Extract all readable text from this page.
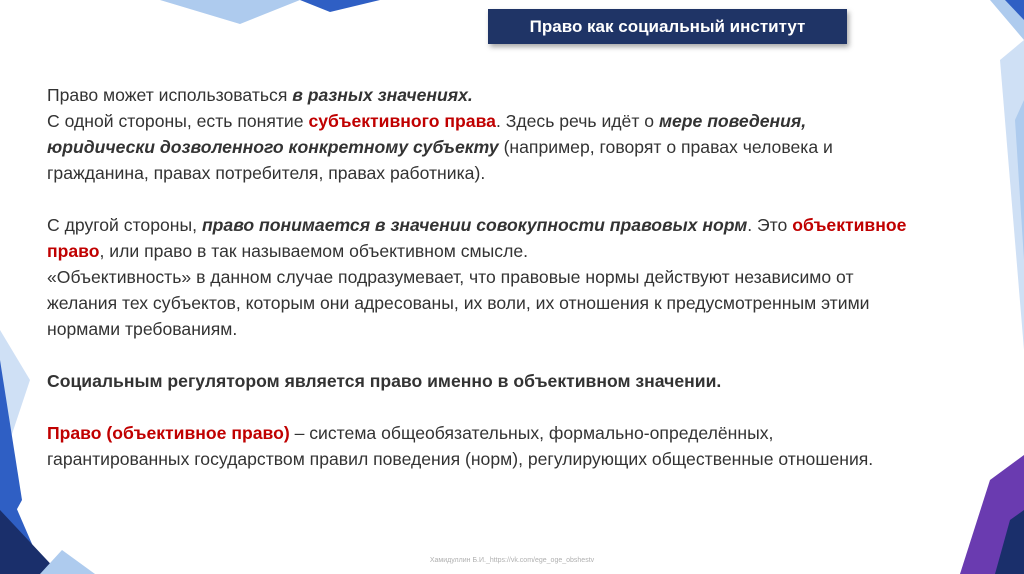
Право как социальный институт

Право может использоваться в разных значениях.
С одной стороны, есть понятие субъективного права. Здесь речь идёт о мере поведения,
юридически дозволенного конкретному субъекту (например, говорят о правах человека и
гражданина, правах потребителя, правах работника).

С другой стороны, право понимается в значении совокупности правовых норм. Это объективное
право, или право в так называемом объективном смысле.
«Объективность» в данном случае подразумевает, что правовые нормы действуют независимо от
желания тех субъектов, которым они адресованы, их воли, их отношения к предусмотренным этими
нормами требованиям.

Социальным регулятором является право именно в объективном значении.

Право (объективное право) – система общеобязательных, формально-определённых,
гарантированных государством правил поведения (норм), регулирующих общественные отношения.

Хамидуллин Б.И._https://vk.com/ege_oge_obshestv
